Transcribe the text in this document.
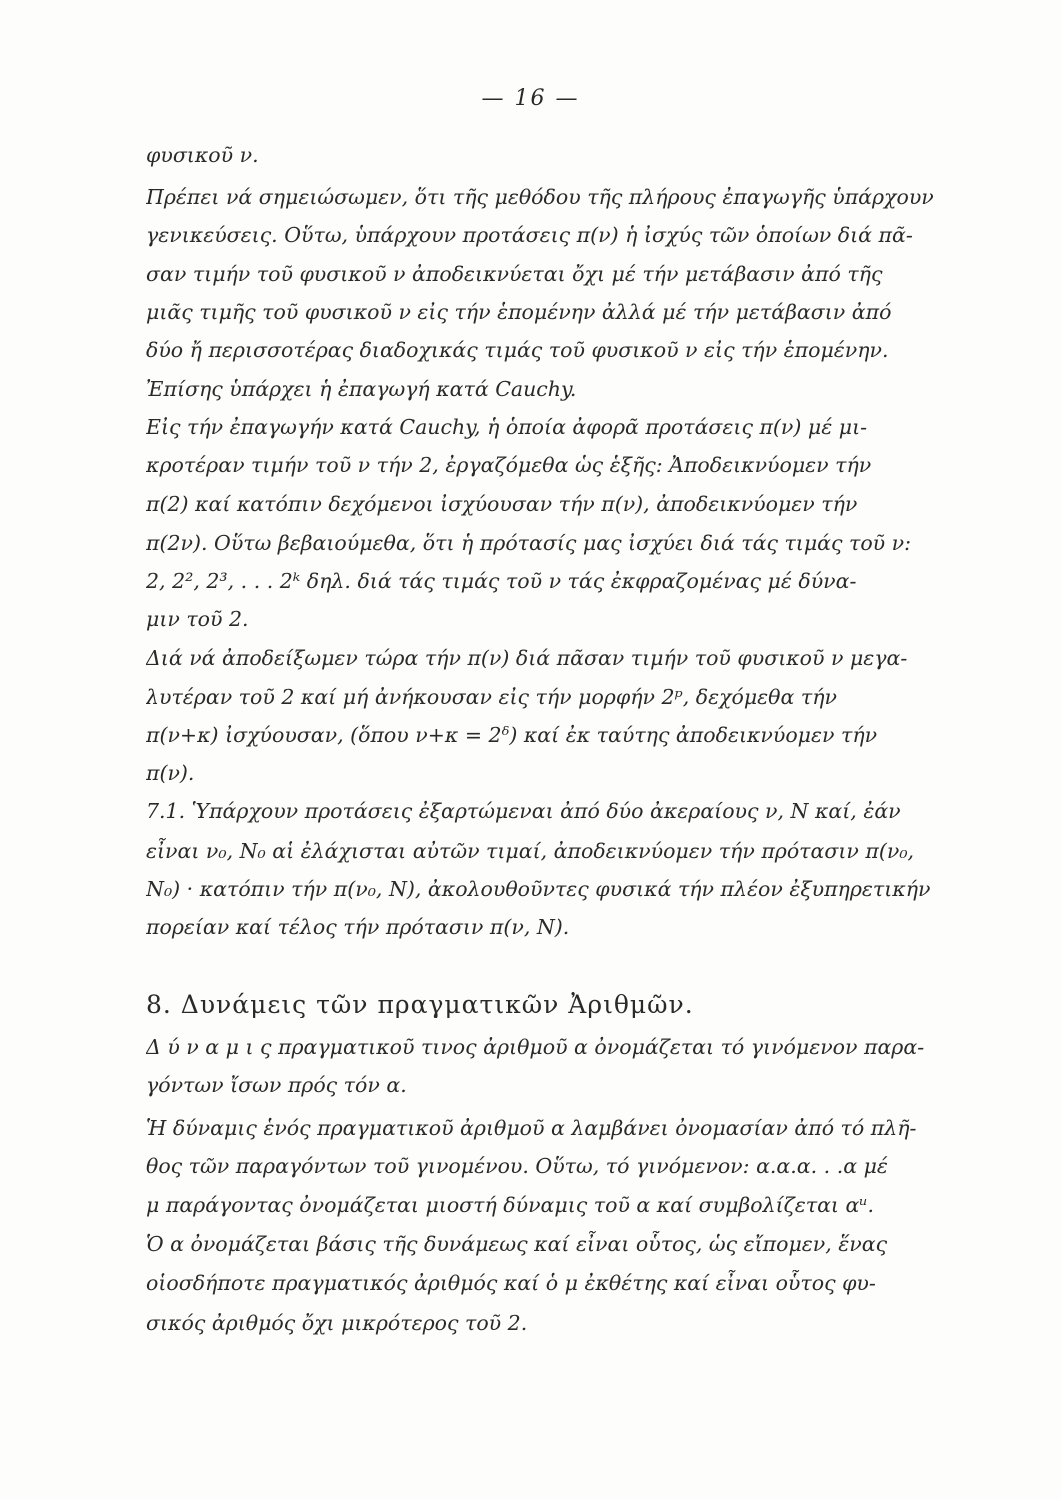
— 16 —
φυσικοῦ ν.
Πρέπει νά σημειώσωμεν, ὅτι τῆς μεθόδου τῆς πλήρους ἐπαγωγῆς ὑπάρχουν
γενικεύσεις. Οὕτω, ὑπάρχουν προτάσεις π(ν) ἡ ἰσχύς τῶν ὁποίων διά πᾶ-
σαν τιμήν τοῦ φυσικοῦ ν ἀποδεικνύεται ὄχι μέ τήν μετάβασιν ἀπό τῆς
μιᾶς τιμῆς τοῦ φυσικοῦ ν εἰς τήν ἑπομένην ἀλλά μέ τήν μετάβασιν ἀπό
δύο ἤ περισσοτέρας διαδοχικάς τιμάς τοῦ φυσικοῦ ν εἰς τήν ἑπομένην.
Ἐπίσης ὑπάρχει ἡ ἐπαγωγή κατά Cauchy.
Εἰς τήν ἐπαγωγήν κατά Cauchy, ἡ ὁποία ἀφορᾶ προτάσεις π(ν) μέ μι-
κροτέραν τιμήν τοῦ ν τήν 2, ἐργαζόμεθα ὡς ἑξῆς: Ἀποδεικνύομεν τήν
π(2) καί κατόπιν δεχόμενοι ἰσχύουσαν τήν π(ν), ἀποδεικνύομεν τήν
π(2ν). Οὕτω βεβαιούμεθα, ὅτι ἡ πρότασίς μας ἰσχύει διά τάς τιμάς τοῦ ν:
2, 2², 2³, . . . 2ᵏ δηλ. διά τάς τιμάς τοῦ ν τάς ἐκφραζομένας μέ δύνα-
μιν τοῦ 2.
Διά νά ἀποδείξωμεν τώρα τήν π(ν) διά πᾶσαν τιμήν τοῦ φυσικοῦ ν μεγα-
λυτέραν τοῦ 2 καί μή ἀνήκουσαν εἰς τήν μορφήν 2ᵖ, δεχόμεθα τήν
π(ν+κ) ἰσχύουσαν, (ὅπου ν+κ = 2ᵟ) καί ἐκ ταύτης ἀποδεικνύομεν τήν
π(ν).
7.1. Ὑπάρχουν προτάσεις ἐξαρτώμεναι ἀπό δύο ἀκεραίους ν, Ν καί, ἐάν
εἶναι ν₀, Ν₀ αἱ ἐλάχισται αὐτῶν τιμαί, ἀποδεικνύομεν τήν πρότασιν π(ν₀,
Ν₀) · κατόπιν τήν π(ν₀, Ν), ἀκολουθοῦντες φυσικά τήν πλέον ἐξυπηρετικήν
πορείαν καί τέλος τήν πρότασιν π(ν, Ν).
8. Δυνάμεις τῶν πραγματικῶν Ἀριθμῶν.
Δ ύ ν α μ ι ς πραγματικοῦ τινος ἀριθμοῦ α ὀνομάζεται τό γινόμενον παρα-
γόντων ἴσων πρός τόν α.
Ἡ δύναμις ἑνός πραγματικοῦ ἀριθμοῦ α λαμβάνει ὀνομασίαν ἀπό τό πλῆ-
θος τῶν παραγόντων τοῦ γινομένου. Οὕτω, τό γινόμενον: α.α.α. . .α μέ
μ παράγοντας ὀνομάζεται μιοστή δύναμις τοῦ α καί συμβολίζεται αᵘ.
Ὁ α ὀνομάζεται βάσις τῆς δυνάμεως καί εἶναι οὗτος, ὡς εἴπομεν, ἕνας
οἱοσδήποτε πραγματικός ἀριθμός καί ὁ μ ἐκθέτης καί εἶναι οὗτος φυ-
σικός ἀριθμός ὄχι μικρότερος τοῦ 2.
